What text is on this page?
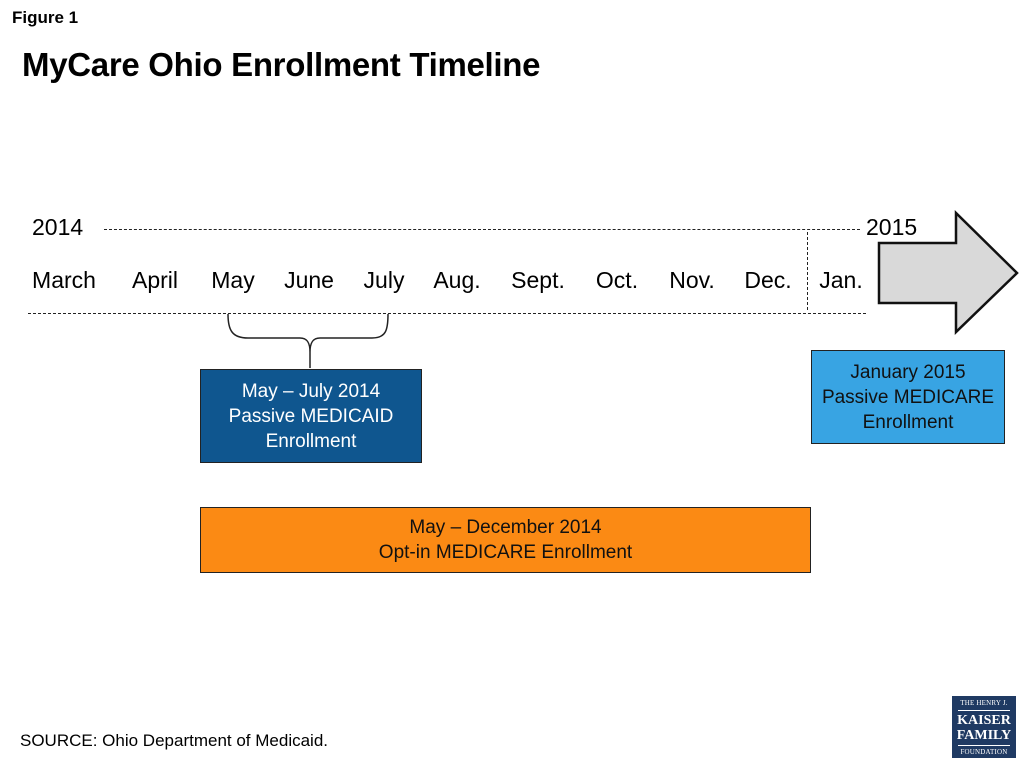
Figure 1
MyCare Ohio Enrollment Timeline
2014	2015
March April May June July Aug. Sept. Oct. Nov. Dec. Jan.
May – July 2014
Passive MEDICAID
Enrollment
January 2015
Passive MEDICARE
Enrollment
May – December 2014
Opt-in MEDICARE Enrollment
SOURCE: Ohio Department of Medicaid.
THE HENRY J.
KAISER
FAMILY
FOUNDATION
